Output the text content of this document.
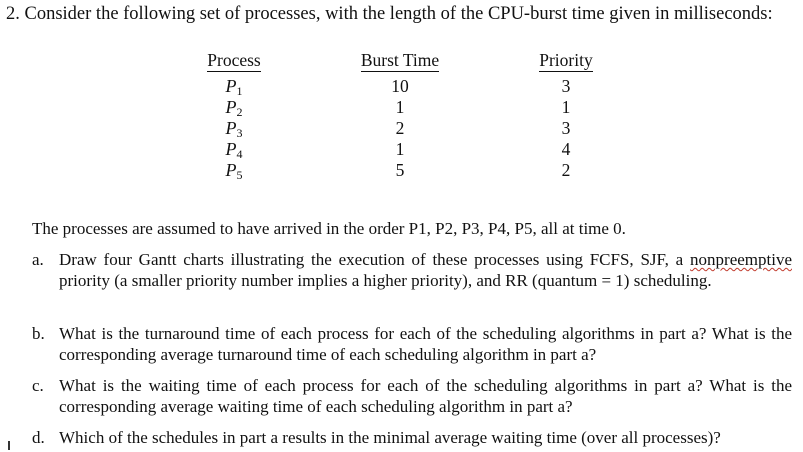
2. Consider the following set of processes, with the length of the CPU-burst time given in milliseconds:
Process
$P_1$
$P_2$
$P_3$
$P_4$
$P_5$
Burst Time
10
1
2
1
5
Priority
3
1
3
4
2
The processes are assumed to have arrived in the order P1, P2, P3, P4, P5, all at time 0.
a. Draw four Gantt charts illustrating the execution of these processes using FCFS, SJF, a nonpreemptive priority (a smaller priority number implies a higher priority), and RR (quantum = 1) scheduling.
b. What is the turnaround time of each process for each of the scheduling algorithms in part a? What is the corresponding average turnaround time of each scheduling algorithm in part a?
c. What is the waiting time of each process for each of the scheduling algorithms in part a? What is the corresponding average waiting time of each scheduling algorithm in part a?
d. Which of the schedules in part a results in the minimal average waiting time (over all processes)?
